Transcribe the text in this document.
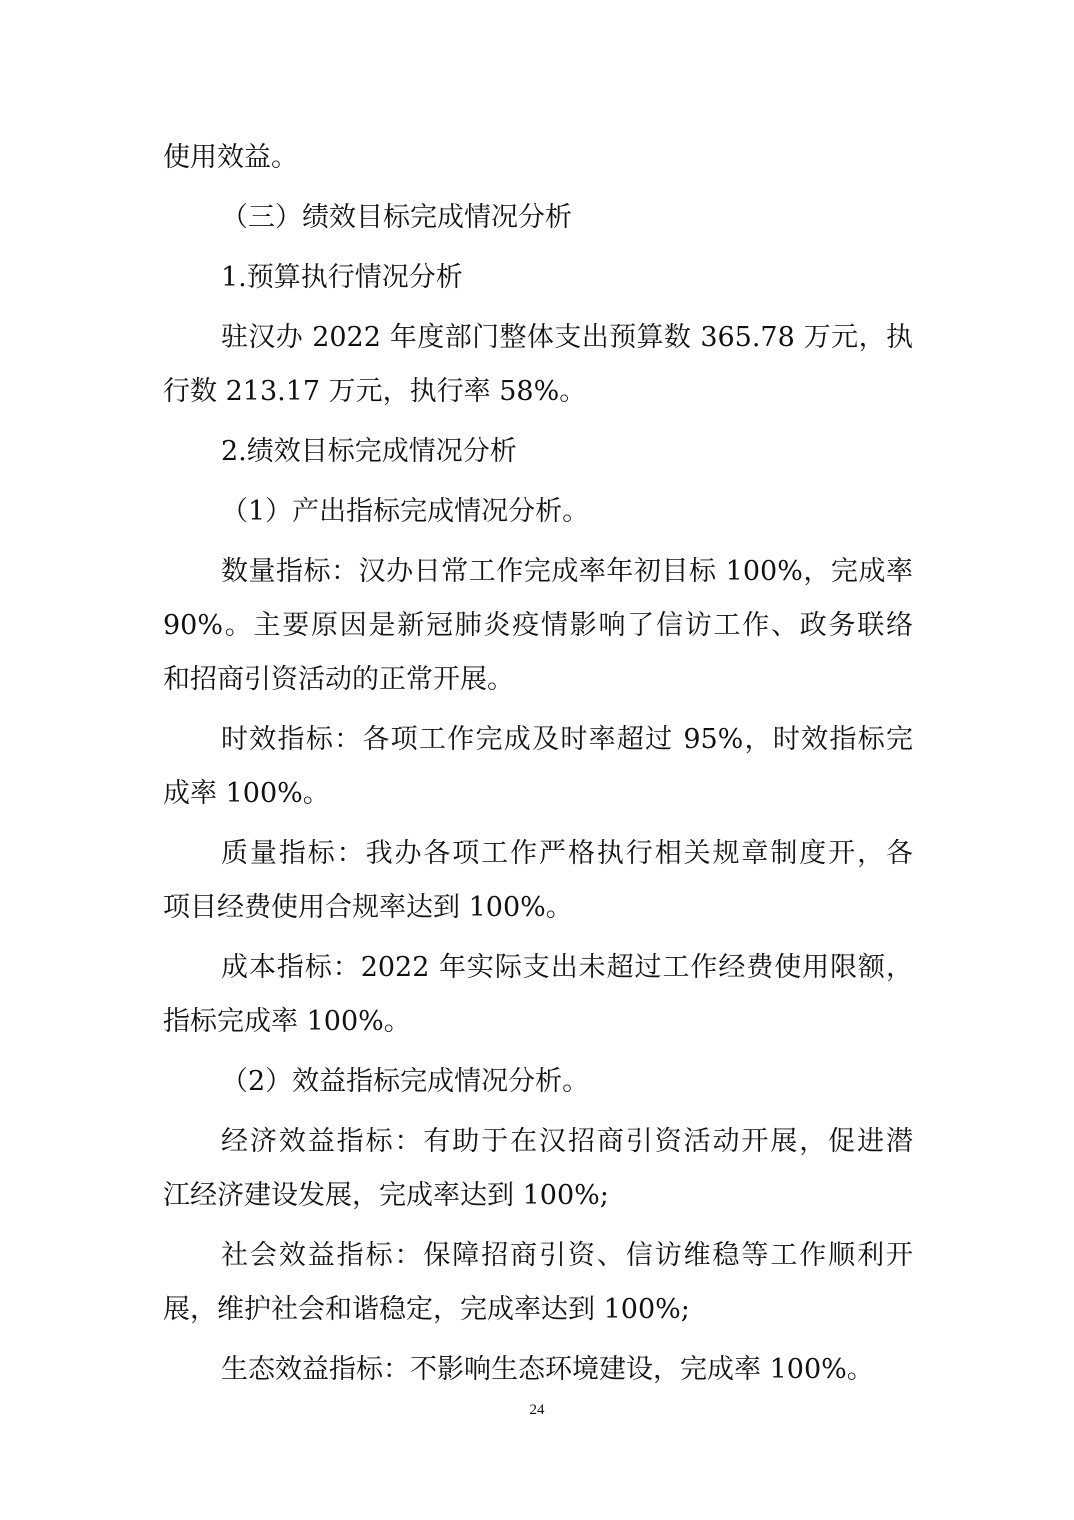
使用效益。
（三）绩效目标完成情况分析
1.预算执行情况分析
驻汉办 2022 年度部门整体支出预算数 365.78 万元，执
行数 213.17 万元，执行率 58%。
2.绩效目标完成情况分析
（1）产出指标完成情况分析。
数量指标：汉办日常工作完成率年初目标 100%，完成率
90%。主要原因是新冠肺炎疫情影响了信访工作、政务联络
和招商引资活动的正常开展。
时效指标：各项工作完成及时率超过 95%，时效指标完
成率 100%。
质量指标：我办各项工作严格执行相关规章制度开，各
项目经费使用合规率达到 100%。
成本指标：2022 年实际支出未超过工作经费使用限额，
指标完成率 100%。
（2）效益指标完成情况分析。
经济效益指标：有助于在汉招商引资活动开展，促进潜
江经济建设发展，完成率达到 100%;
社会效益指标：保障招商引资、信访维稳等工作顺利开
展，维护社会和谐稳定，完成率达到 100%;
生态效益指标：不影响生态环境建设，完成率 100%。
24
